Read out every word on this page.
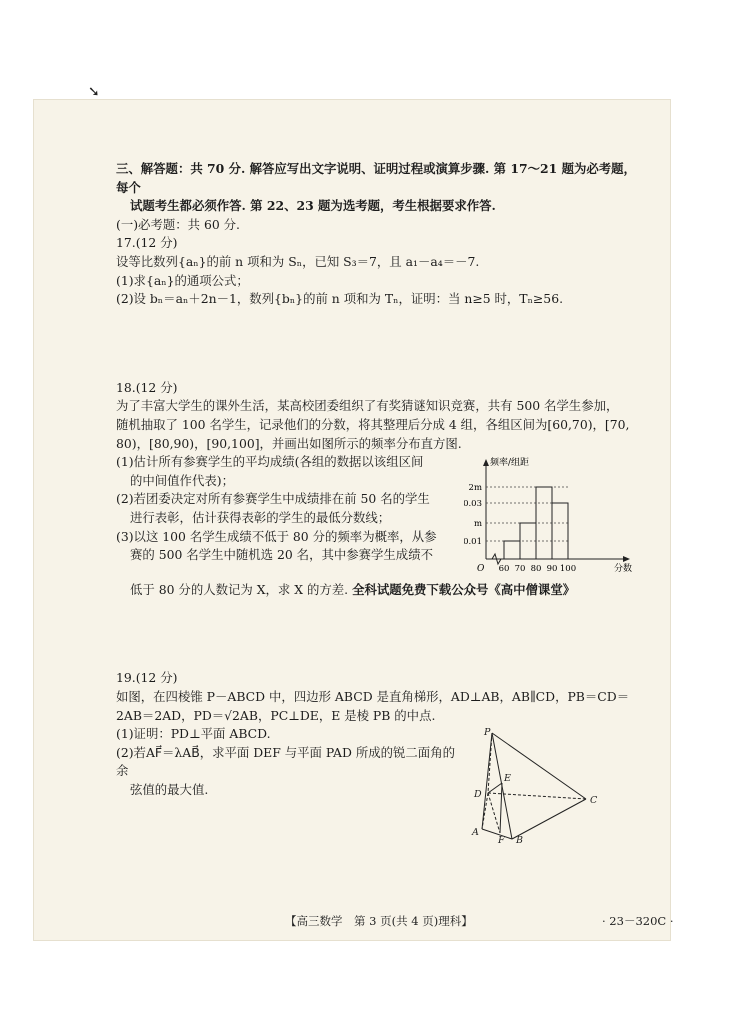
➘

三、解答题：共 70 分. 解答应写出文字说明、证明过程或演算步骤. 第 17～21 题为必考题，每个

试题考生都必须作答. 第 22、23 题为选考题，考生根据要求作答.

(一)必考题：共 60 分.

17.(12 分)

设等比数列{aₙ}的前 n 项和为 Sₙ，已知 S₃＝7，且 a₁－a₄＝－7.

(1)求{aₙ}的通项公式；

(2)设 bₙ＝aₙ＋2n－1，数列{bₙ}的前 n 项和为 Tₙ，证明：当 n≥5 时，Tₙ≥56.

18.(12 分)

为了丰富大学生的课外生活，某高校团委组织了有奖猜谜知识竞赛，共有 500 名学生参加，

随机抽取了 100 名学生，记录他们的分数，将其整理后分成 4 组，各组区间为[60,70)，[70,

80)，[80,90)，[90,100]，并画出如图所示的频率分布直方图.

(1)估计所有参赛学生的平均成绩(各组的数据以该组区间

的中间值作代表)；

(2)若团委决定对所有参赛学生中成绩排在前 50 名的学生

进行表彰，估计获得表彰的学生的最低分数线；

(3)以这 100 名学生成绩不低于 80 分的频率为概率，从参

赛的 500 名学生中随机选 20 名，其中参赛学生成绩不

频率/组距
分数
O
2m
0.03
m
0.01
60 70 80 90 100

低于 80 分的人数记为 X，求 X 的方差. 全科试题免费下载公众号《高中僧课堂》

19.(12 分)

如图，在四棱锥 P－ABCD 中，四边形 ABCD 是直角梯形，AD⊥AB，AB∥CD，PB＝CD＝

2AB＝2AD，PD＝√2AB，PC⊥DE，E 是棱 PB 的中点.

(1)证明：PD⊥平面 ABCD.

(2)若AF⃗＝λAB⃗，求平面 DEF 与平面 PAD 所成的锐二面角的余

弦值的最大值.

P
E
D
C
A
F B
【高三数学　第 3 页(共 4 页)理科】	· 23－320C ·
